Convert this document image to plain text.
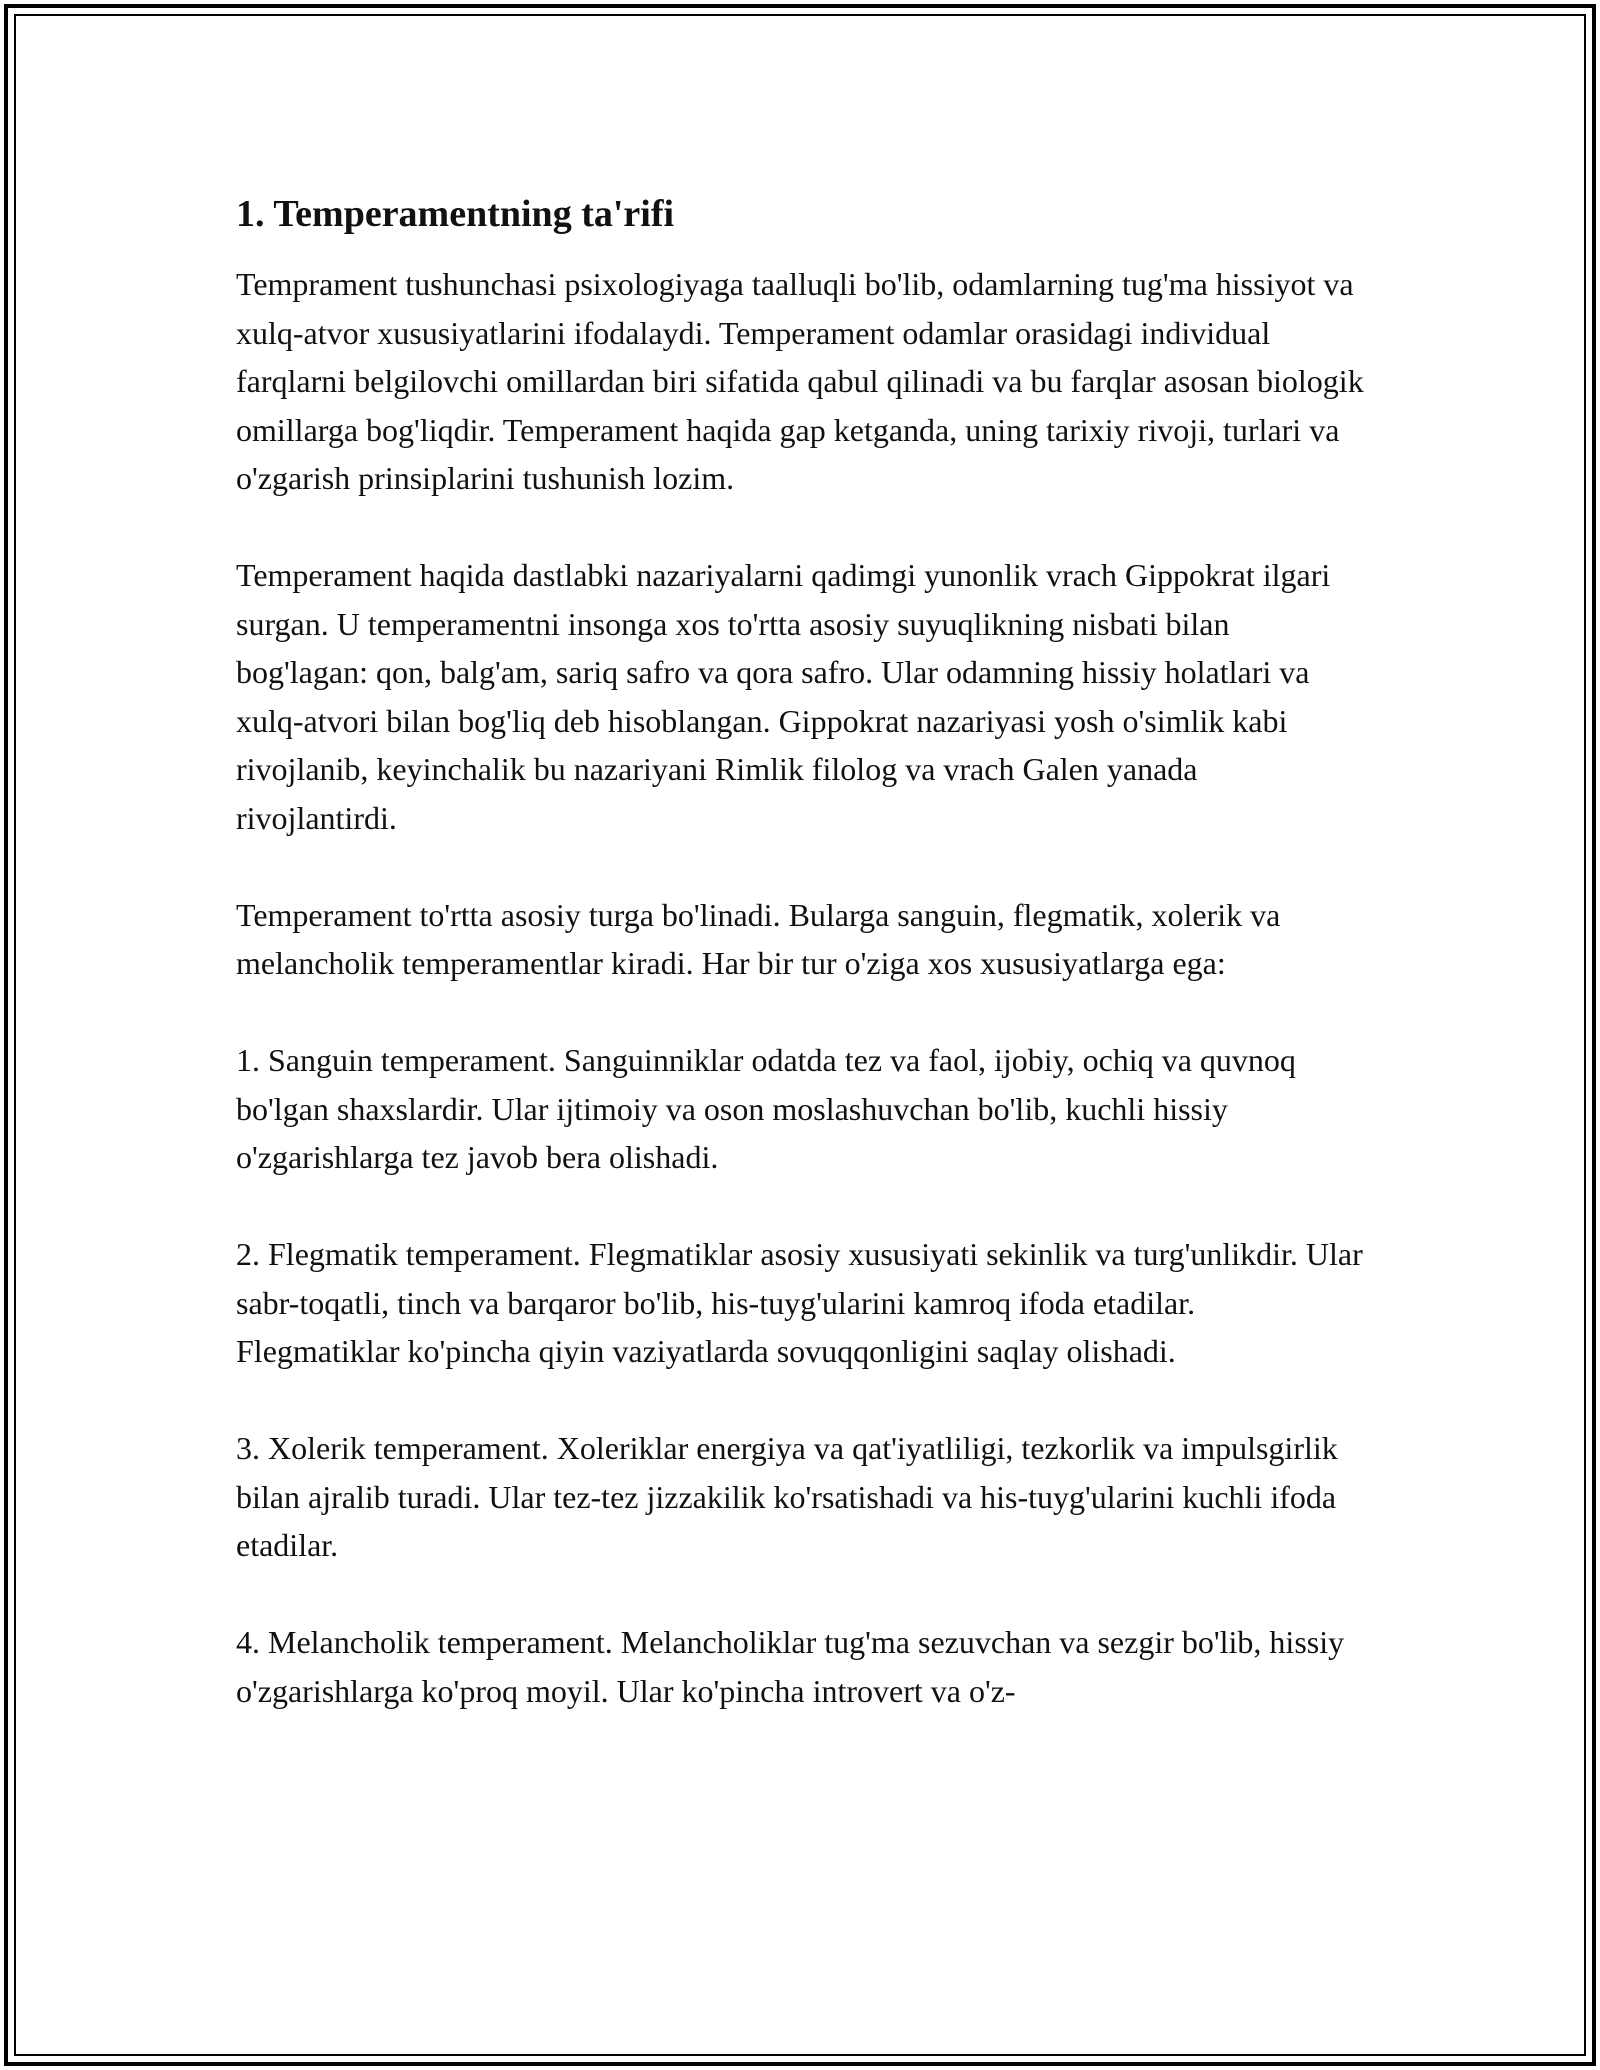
1. Temperamentning ta'rifi

Temprament tushunchasi psixologiyaga taalluqli bo'lib, odamlarning tug'ma hissiyot va xulq-atvor xususiyatlarini ifodalaydi. Temperament odamlar orasidagi individual farqlarni belgilovchi omillardan biri sifatida qabul qilinadi va bu farqlar asosan biologik omillarga bog'liqdir. Temperament haqida gap ketganda, uning tarixiy rivoji, turlari va o'zgarish prinsiplarini tushunish lozim.

Temperament haqida dastlabki nazariyalarni qadimgi yunonlik vrach Gippokrat ilgari surgan. U temperamentni insonga xos to'rtta asosiy suyuqlikning nisbati bilan bog'lagan: qon, balg'am, sariq safro va qora safro. Ular odamning hissiy holatlari va xulq-atvori bilan bog'liq deb hisoblangan. Gippokrat nazariyasi yosh o'simlik kabi rivojlanib, keyinchalik bu nazariyani Rimlik filolog va vrach Galen yanada rivojlantirdi.

Temperament to'rtta asosiy turga bo'linadi. Bularga sanguin, flegmatik, xolerik va melancholik temperamentlar kiradi. Har bir tur o'ziga xos xususiyatlarga ega:

1. Sanguin temperament. Sanguinniklar odatda tez va faol, ijobiy, ochiq va quvnoq bo'lgan shaxslardir. Ular ijtimoiy va oson moslashuvchan bo'lib, kuchli hissiy o'zgarishlarga tez javob bera olishadi.

2. Flegmatik temperament. Flegmatiklar asosiy xususiyati sekinlik va turg'unlikdir. Ular sabr-toqatli, tinch va barqaror bo'lib, his-tuyg'ularini kamroq ifoda etadilar. Flegmatiklar ko'pincha qiyin vaziyatlarda sovuqqonligini saqlay olishadi.

3. Xolerik temperament. Xoleriklar energiya va qat'iyatliligi, tezkorlik va impulsgirlik bilan ajralib turadi. Ular tez-tez jizzakilik ko'rsatishadi va his-tuyg'ularini kuchli ifoda etadilar.

4. Melancholik temperament. Melancholiklar tug'ma sezuvchan va sezgir bo'lib, hissiy o'zgarishlarga ko'proq moyil. Ular ko'pincha introvert va o'z-
